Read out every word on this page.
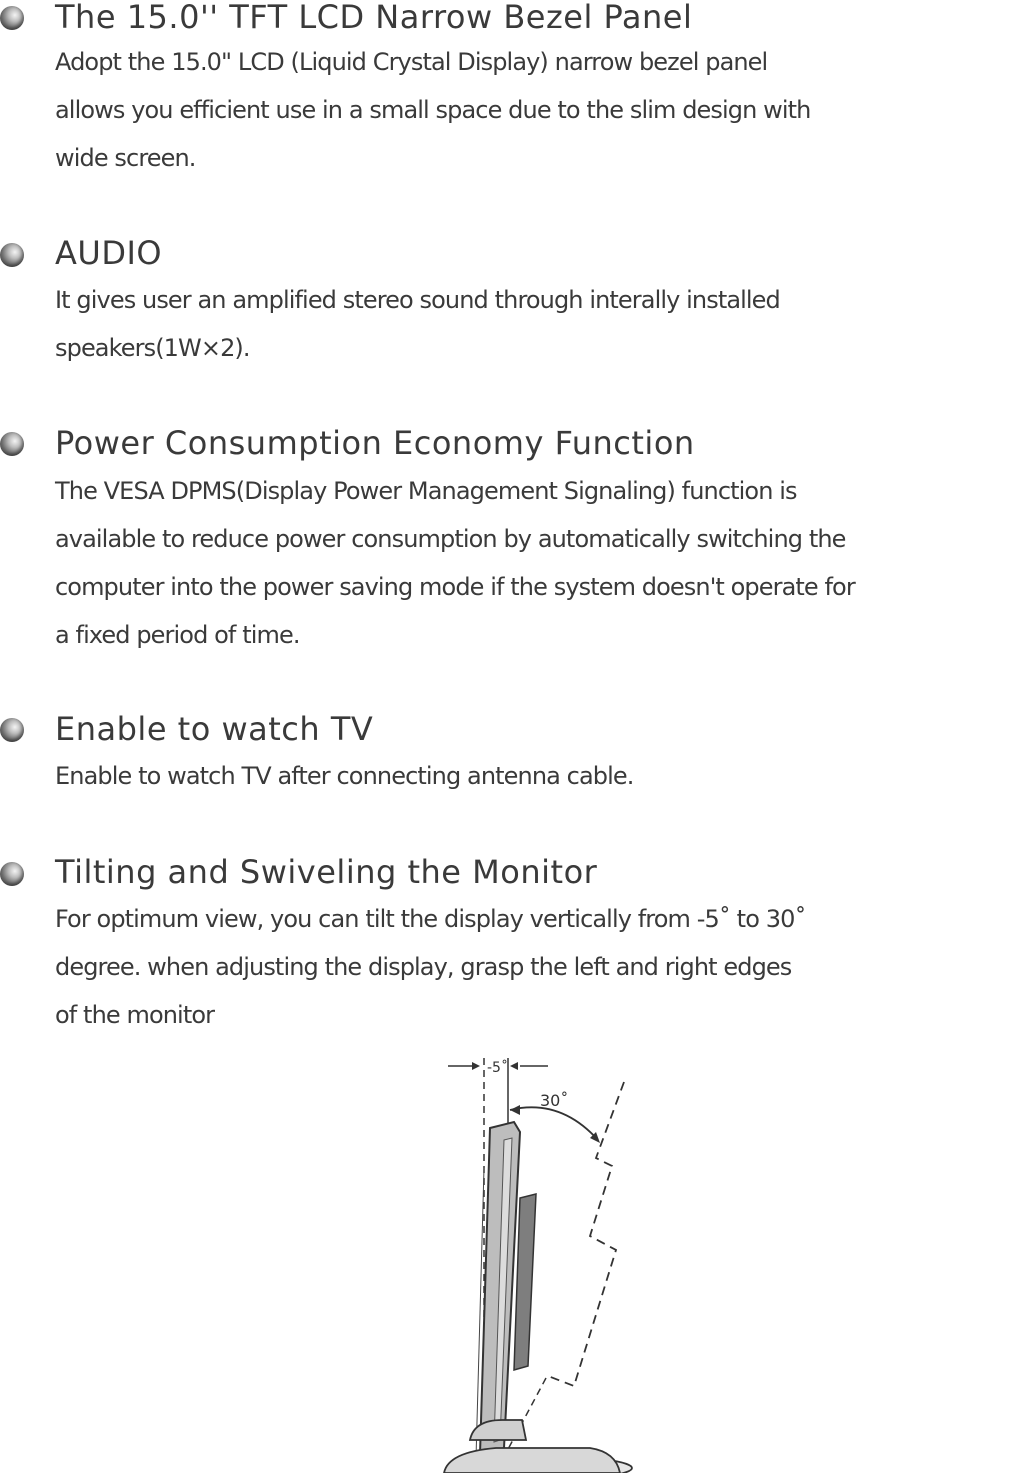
The 15.0'' TFT LCD Narrow Bezel Panel

Adopt the 15.0" LCD (Liquid Crystal Display) narrow bezel panel
allows you efficient use in a small space due to the slim design with
wide screen.

AUDIO

It gives user an amplified stereo sound through interally installed
speakers(1W×2).

Power Consumption Economy Function

The VESA DPMS(Display Power Management Signaling) function is
available to reduce power consumption by automatically switching the
computer into the power saving mode if the system doesn't operate for
a fixed period of time.

Enable to watch TV

Enable to watch TV after connecting antenna cable.

Tilting and Swiveling the Monitor

For optimum view, you can tilt the display vertically from -5˚ to 30˚
degree. when adjusting the display, grasp the left and right edges
of the monitor

-5˚
30˚
